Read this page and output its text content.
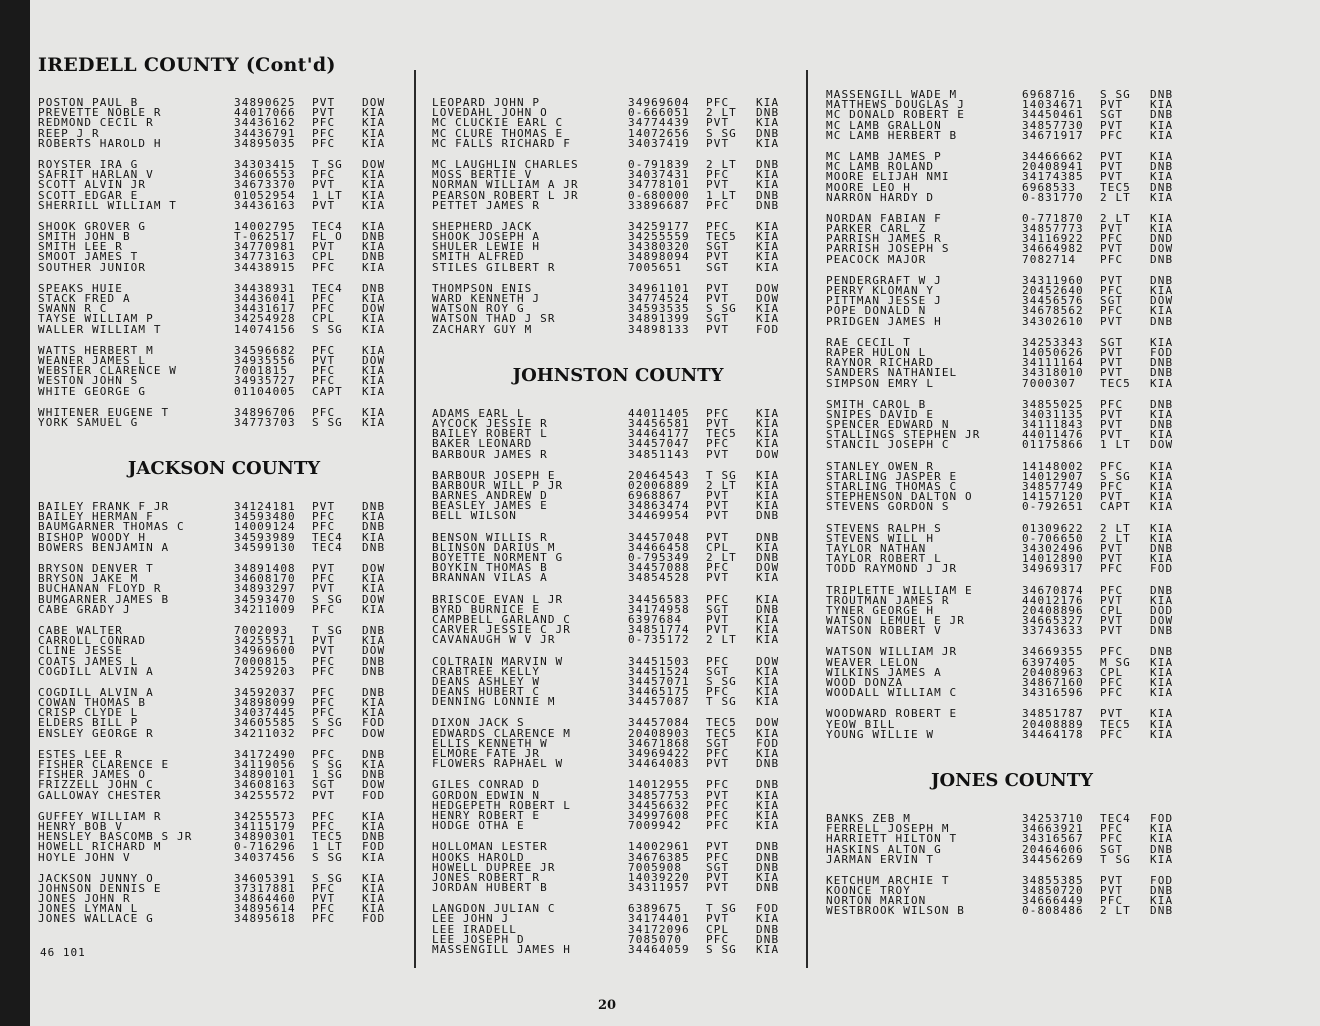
IREDELL COUNTY (Cont'd)
POSTON PAUL B	34890625	PVT	DOW
PREVETTE NOBLE R	44017066	PVT	KIA
REDMOND CECIL R	34436162	PFC	KIA
REEP J R	34436791	PFC	KIA
ROBERTS HAROLD H	34895035	PFC	KIA
ROYSTER IRA G	34303415	T SG	DOW
SAFRIT HARLAN V	34606553	PFC	KIA
SCOTT ALVIN JR	34673370	PVT	KIA
SCOTT EDGAR E	01052954	1 LT	KIA
SHERRILL WILLIAM T	34436163	PVT	KIA
SHOOK GROVER G	14002795	TEC4	KIA
SMITH JOHN B	T-062517	FL O	DNB
SMITH LEE R	34770981	PVT	KIA
SMOOT JAMES T	34773163	CPL	DNB
SOUTHER JUNIOR	34438915	PFC	KIA
SPEAKS HUIE	34438931	TEC4	DNB
STACK FRED A	34436041	PFC	KIA
SWANN R C	34431617	PFC	DOW
TAYSE WILLIAM P	34254928	CPL	KIA
WALLER WILLIAM T	14074156	S SG	KIA
WATTS HERBERT M	34596682	PFC	KIA
WEANER JAMES L	34935556	PVT	DOW
WEBSTER CLARENCE W	7001815	PFC	KIA
WESTON JOHN S	34935727	PFC	KIA
WHITE GEORGE G	01104005	CAPT	KIA
WHITENER EUGENE T	34896706	PFC	KIA
YORK SAMUEL G	34773703	S SG	KIA
JACKSON COUNTY
BAILEY FRANK F JR	34124181	PVT	DNB
BAILEY HERMAN F	34593480	PFC	KIA
BAUMGARNER THOMAS C	14009124	PFC	DNB
BISHOP WOODY H	34593989	TEC4	KIA
BOWERS BENJAMIN A	34599130	TEC4	DNB
BRYSON DENVER T	34891408	PVT	DOW
BRYSON JAKE M	34608170	PFC	KIA
BUCHANAN FLOYD R	34893297	PVT	KIA
BUMGARNER JAMES B	34593470	S SG	DOW
CABE GRADY J	34211009	PFC	KIA
CABE WALTER	7002093	T SG	DNB
CARROLL CONRAD	34255571	PVT	KIA
CLINE JESSE	34969600	PVT	DOW
COATS JAMES L	7000815	PFC	DNB
COGDILL ALVIN A	34259203	PFC	DNB
COGDILL ALVIN A	34592037	PFC	DNB
COWAN THOMAS B	34898099	PFC	KIA
CRISP CLYDE L	34037445	PFC	KIA
ELDERS BILL P	34605585	S SG	FOD
ENSLEY GEORGE R	34211032	PFC	DOW
ESTES LEE R	34172490	PFC	DNB
FISHER CLARENCE E	34119056	S SG	KIA
FISHER JAMES O	34890101	1 SG	DNB
FRIZZELL JOHN C	34608163	SGT	DOW
GALLOWAY CHESTER	34255572	PVT	FOD
GUFFEY WILLIAM R	34255573	PFC	KIA
HENRY BOB V	34115179	PFC	KIA
HENSLEY BASCOMB S JR	34890301	TEC5	DNB
HOWELL RICHARD M	0-716296	1 LT	FOD
HOYLE JOHN V	34037456	S SG	KIA
JACKSON JUNNY O	34605391	S SG	KIA
JOHNSON DENNIS E	37317881	PFC	KIA
JONES JOHN R	34864460	PVT	KIA
JONES LYMAN L	34895614	PFC	KIA
JONES WALLACE G	34895618	PFC	FOD
LEOPARD JOHN P	34969604	PFC	KIA
LOVEDAHL JOHN O	0-666051	2 LT	DNB
MC CLUCKIE EARL C	34774439	PVT	KIA
MC CLURE THOMAS E	14072656	S SG	DNB
MC FALLS RICHARD F	34037419	PVT	KIA
MC LAUGHLIN CHARLES	0-791839	2 LT	DNB
MOSS BERTIE V	34037431	PFC	KIA
NORMAN WILLIAM A JR	34778101	PVT	KIA
PEARSON ROBERT L JR	0-680000	1 LT	DNB
PETTET JAMES R	33896687	PFC	DNB
SHEPHERD JACK	34259177	PFC	KIA
SHOOK JOSEPH A	34255559	TEC5	KIA
SHULER LEWIE H	34380320	SGT	KIA
SMITH ALFRED	34898094	PVT	KIA
STILES GILBERT R	7005651	SGT	KIA
THOMPSON ENIS	34961101	PVT	DOW
WARD KENNETH J	34774524	PVT	DOW
WATSON ROY G	34593535	S SG	KIA
WATSON THAD J SR	34891399	SGT	KIA
ZACHARY GUY M	34898133	PVT	FOD
JOHNSTON COUNTY
ADAMS EARL L	44011405	PFC	KIA
AYCOCK JESSIE R	34456581	PVT	KIA
BAILEY ROBERT L	34464177	TEC5	KIA
BAKER LEONARD	34457047	PFC	KIA
BARBOUR JAMES R	34851143	PVT	DOW
BARBOUR JOSEPH E	20464543	T SG	KIA
BARBOUR WILL P JR	02006889	2 LT	KIA
BARNES ANDREW D	6968867	PVT	KIA
BEASLEY JAMES E	34863474	PVT	KIA
BELL WILSON	34469954	PVT	DNB
BENSON WILLIS R	34457048	PVT	DNB
BLINSON DARIUS M	34466458	CPL	KIA
BOYETTE NORMENT G	0-795349	2 LT	DNB
BOYKIN THOMAS B	34457088	PFC	DOW
BRANNAN VILAS A	34854528	PVT	KIA
BRISCOE EVAN L JR	34456583	PFC	KIA
BYRD BURNICE E	34174958	SGT	DNB
CAMPBELL GARLAND C	6397684	PVT	KIA
CARVER JESSIE C JR	34851774	PVT	KIA
CAVANAUGH W V JR	0-735172	2 LT	KIA
COLTRAIN MARVIN W	34451503	PFC	DOW
CRABTREE KELLY	34451524	SGT	KIA
DEANS ASHLEY W	34457071	S SG	KIA
DEANS HUBERT C	34465175	PFC	KIA
DENNING LONNIE M	34457087	T SG	KIA
DIXON JACK S	34457084	TEC5	DOW
EDWARDS CLARENCE M	20408903	TEC5	KIA
ELLIS KENNETH W	34671868	SGT	FOD
ELMORE FATE JR	34969422	PFC	KIA
FLOWERS RAPHAEL W	34464083	PVT	DNB
GILES CONRAD D	14012955	PFC	DNB
GORDON EDWIN N	34857753	PVT	KIA
HEDGEPETH ROBERT L	34456632	PFC	KIA
HENRY ROBERT E	34997608	PFC	KIA
HODGE OTHA E	7009942	PFC	KIA
HOLLOMAN LESTER	14002961	PVT	DNB
HOOKS HAROLD	34676385	PFC	DNB
HOWELL DUPREE JR	7005908	SGT	DNB
JONES ROBERT R	14039220	PVT	KIA
JORDAN HUBERT B	34311957	PVT	DNB
LANGDON JULIAN C	6389675	T SG	FOD
LEE JOHN J	34174401	PVT	KIA
LEE IRADELL	34172096	CPL	DNB
LEE JOSEPH D	7085070	PFC	DNB
MASSENGILL JAMES H	34464059	S SG	KIA
MASSENGILL WADE M	6968716	S SG	DNB
MATTHEWS DOUGLAS J	14034671	PVT	KIA
MC DONALD ROBERT E	34450461	SGT	DNB
MC LAMB GRALLON	34857730	PVT	KIA
MC LAMB HERBERT B	34671917	PFC	KIA
MC LAMB JAMES P	34466662	PVT	KIA
MC LAMB ROLAND	20408941	PVT	DNB
MOORE ELIJAH NMI	34174385	PVT	KIA
MOORE LEO H	6968533	TEC5	DNB
NARRON HARDY D	0-831770	2 LT	KIA
NORDAN FABIAN F	0-771870	2 LT	KIA
PARKER CARL Z	34857773	PVT	KIA
PARRISH JAMES R	34116922	PFC	DND
PARRISH JOSEPH S	34664982	PVT	DOW
PEACOCK MAJOR	7082714	PFC	DNB
PENDERGRAFT W J	34311960	PVT	DNB
PERRY KLOMAN Y	20452640	PFC	KIA
PITTMAN JESSE J	34456576	SGT	DOW
POPE DONALD N	34678562	PFC	KIA
PRIDGEN JAMES H	34302610	PVT	DNB
RAE CECIL T	34253343	SGT	KIA
RAPER HULON L	14050626	PVT	FOD
RAYNOR RICHARD	34111164	PVT	DNB
SANDERS NATHANIEL	34318010	PVT	DNB
SIMPSON EMRY L	7000307	TEC5	KIA
SMITH CAROL B	34855025	PFC	DNB
SNIPES DAVID E	34031135	PVT	KIA
SPENCER EDWARD N	34111843	PVT	DNB
STALLINGS STEPHEN JR	44011476	PVT	KIA
STANCIL JOSEPH C	01175866	1 LT	DOW
STANLEY OWEN R	14148002	PFC	KIA
STARLING JASPER E	14012907	S SG	KIA
STARLING THOMAS C	34857749	PFC	KIA
STEPHENSON DALTON O	14157120	PVT	KIA
STEVENS GORDON S	0-792651	CAPT	KIA
STEVENS RALPH S	01309622	2 LT	KIA
STEVENS WILL H	0-706650	2 LT	KIA
TAYLOR NATHAN	34302496	PVT	DNB
TAYLOR ROBERT L	14012890	PVT	KIA
TODD RAYMOND J JR	34969317	PFC	FOD
TRIPLETTE WILLIAM E	34670874	PFC	DNB
TROUTMAN JAMES R	44012176	PVT	KIA
TYNER GEORGE H	20408896	CPL	DOD
WATSON LEMUEL E JR	34665327	PVT	DOW
WATSON ROBERT V	33743633	PVT	DNB
WATSON WILLIAM JR	34669355	PFC	DNB
WEAVER LELON	6397405	M SG	KIA
WILKINS JAMES A	20408963	CPL	KIA
WOOD DONZA	34867160	PFC	KIA
WOODALL WILLIAM C	34316596	PFC	KIA
WOODWARD ROBERT E	34851787	PVT	KIA
YEOW BILL	20408889	TEC5	KIA
YOUNG WILLIE W	34464178	PFC	KIA
JONES COUNTY
BANKS ZEB M	34253710	TEC4	FOD
FERRELL JOSEPH M	34663921	PFC	KIA
HARRIETT HILTON T	34316567	PFC	KIA
HASKINS ALTON G	20464606	SGT	DNB
JARMAN ERVIN T	34456269	T SG	KIA
KETCHUM ARCHIE T	34855385	PVT	FOD
KOONCE TROY	34850720	PVT	DNB
NORTON MARION	34666449	PFC	KIA
WESTBROOK WILSON B	0-808486	2 LT	DNB
46 101
20
